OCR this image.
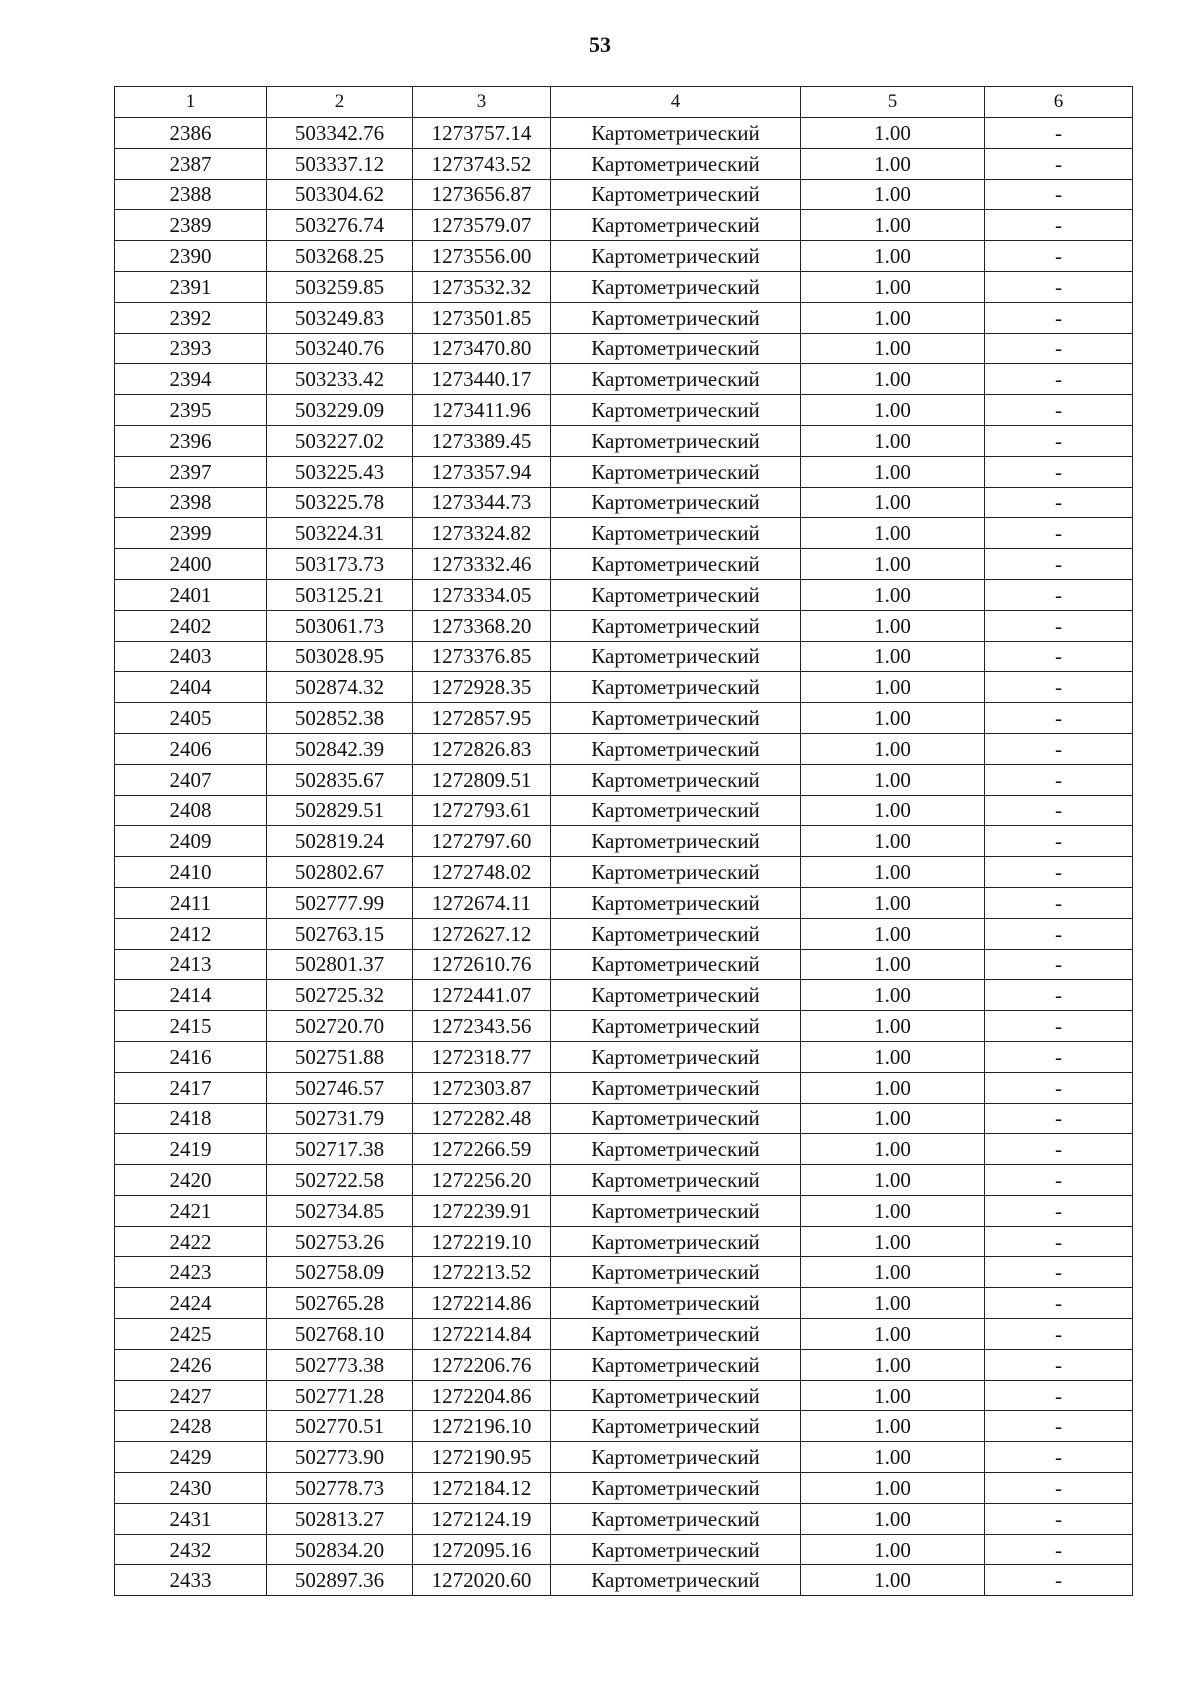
53
1	2	3	4	5	6
2386	503342.76	1273757.14	Картометрический	1.00	-
2387	503337.12	1273743.52	Картометрический	1.00	-
2388	503304.62	1273656.87	Картометрический	1.00	-
2389	503276.74	1273579.07	Картометрический	1.00	-
2390	503268.25	1273556.00	Картометрический	1.00	-
2391	503259.85	1273532.32	Картометрический	1.00	-
2392	503249.83	1273501.85	Картометрический	1.00	-
2393	503240.76	1273470.80	Картометрический	1.00	-
2394	503233.42	1273440.17	Картометрический	1.00	-
2395	503229.09	1273411.96	Картометрический	1.00	-
2396	503227.02	1273389.45	Картометрический	1.00	-
2397	503225.43	1273357.94	Картометрический	1.00	-
2398	503225.78	1273344.73	Картометрический	1.00	-
2399	503224.31	1273324.82	Картометрический	1.00	-
2400	503173.73	1273332.46	Картометрический	1.00	-
2401	503125.21	1273334.05	Картометрический	1.00	-
2402	503061.73	1273368.20	Картометрический	1.00	-
2403	503028.95	1273376.85	Картометрический	1.00	-
2404	502874.32	1272928.35	Картометрический	1.00	-
2405	502852.38	1272857.95	Картометрический	1.00	-
2406	502842.39	1272826.83	Картометрический	1.00	-
2407	502835.67	1272809.51	Картометрический	1.00	-
2408	502829.51	1272793.61	Картометрический	1.00	-
2409	502819.24	1272797.60	Картометрический	1.00	-
2410	502802.67	1272748.02	Картометрический	1.00	-
2411	502777.99	1272674.11	Картометрический	1.00	-
2412	502763.15	1272627.12	Картометрический	1.00	-
2413	502801.37	1272610.76	Картометрический	1.00	-
2414	502725.32	1272441.07	Картометрический	1.00	-
2415	502720.70	1272343.56	Картометрический	1.00	-
2416	502751.88	1272318.77	Картометрический	1.00	-
2417	502746.57	1272303.87	Картометрический	1.00	-
2418	502731.79	1272282.48	Картометрический	1.00	-
2419	502717.38	1272266.59	Картометрический	1.00	-
2420	502722.58	1272256.20	Картометрический	1.00	-
2421	502734.85	1272239.91	Картометрический	1.00	-
2422	502753.26	1272219.10	Картометрический	1.00	-
2423	502758.09	1272213.52	Картометрический	1.00	-
2424	502765.28	1272214.86	Картометрический	1.00	-
2425	502768.10	1272214.84	Картометрический	1.00	-
2426	502773.38	1272206.76	Картометрический	1.00	-
2427	502771.28	1272204.86	Картометрический	1.00	-
2428	502770.51	1272196.10	Картометрический	1.00	-
2429	502773.90	1272190.95	Картометрический	1.00	-
2430	502778.73	1272184.12	Картометрический	1.00	-
2431	502813.27	1272124.19	Картометрический	1.00	-
2432	502834.20	1272095.16	Картометрический	1.00	-
2433	502897.36	1272020.60	Картометрический	1.00	-
